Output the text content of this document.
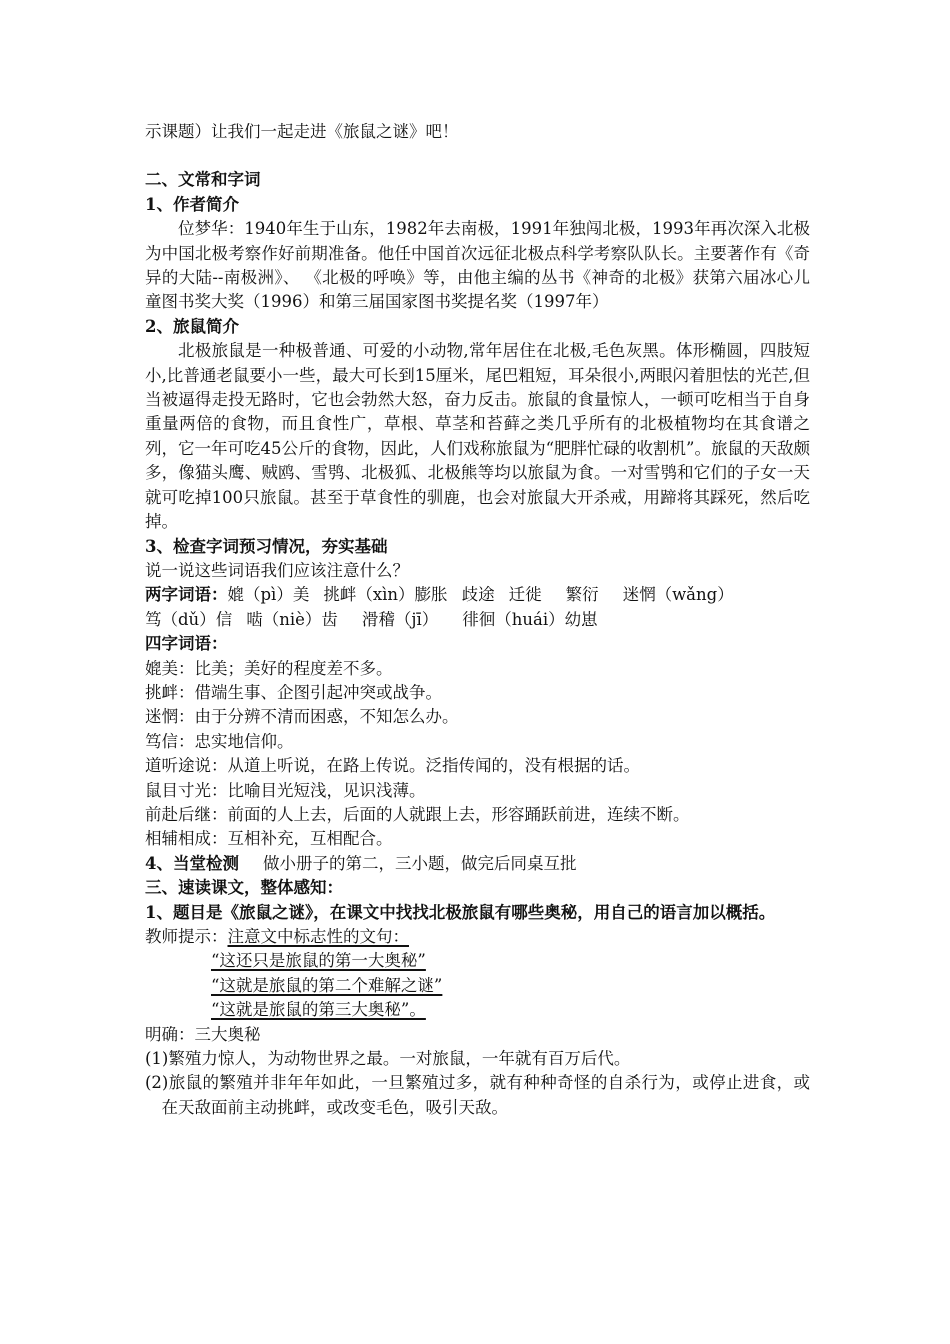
示课题）让我们一起走进《旅鼠之谜》吧！
二、文常和字词
1、作者简介
位梦华：1940年生于山东，1982年去南极，1991年独闯北极，1993年再次深入北极为中国北极考察作好前期准备。他任中国首次远征北极点科学考察队队长。主要著作有《奇异的大陆--南极洲》、 《北极的呼唤》等，由他主编的丛书《神奇的北极》获第六届冰心儿童图书奖大奖（1996）和第三届国家图书奖提名奖（1997年）
2、旅鼠简介
北极旅鼠是一种极普通、可爱的小动物,常年居住在北极,毛色灰黑。体形椭圆，四肢短小,比普通老鼠要小一些，最大可长到15厘米，尾巴粗短，耳朵很小,两眼闪着胆怯的光芒,但当被逼得走投无路时，它也会勃然大怒，奋力反击。旅鼠的食量惊人，一顿可吃相当于自身重量两倍的食物，而且食性广，草根、草茎和苔藓之类几乎所有的北极植物均在其食谱之列，它一年可吃45公斤的食物，因此，人们戏称旅鼠为“肥胖忙碌的收割机”。旅鼠的天敌颇多，像猫头鹰、贼鸥、雪鸮、北极狐、北极熊等均以旅鼠为食。一对雪鸮和它们的子女一天就可吃掉100只旅鼠。甚至于草食性的驯鹿，也会对旅鼠大开杀戒，用蹄将其踩死，然后吃掉。
3、检查字词预习情况，夯实基础
说一说这些词语我们应该注意什么？
两字词语：媲（pì）美 挑衅（xìn）膨胀 歧途 迁徙 繁衍 迷惘（wǎng）
笃（dǔ）信 啮（niè）齿 滑稽（jī） 徘徊（huái）幼崽
四字词语：
媲美：比美；美好的程度差不多。
挑衅：借端生事、企图引起冲突或战争。
迷惘：由于分辨不清而困惑，不知怎么办。
笃信：忠实地信仰。
道听途说：从道上听说，在路上传说。泛指传闻的，没有根据的话。
鼠目寸光：比喻目光短浅，见识浅薄。
前赴后继：前面的人上去，后面的人就跟上去，形容踊跃前进，连续不断。
相辅相成：互相补充，互相配合。
4、当堂检测 做小册子的第二，三小题，做完后同桌互批
三、速读课文，整体感知：
1、题目是《旅鼠之谜》，在课文中找找北极旅鼠有哪些奥秘，用自己的语言加以概括。
教师提示：注意文中标志性的文句：
“这还只是旅鼠的第一大奥秘”
“这就是旅鼠的第二个难解之谜”
“这就是旅鼠的第三大奥秘”。
明确：三大奥秘
(1)繁殖力惊人，为动物世界之最。一对旅鼠，一年就有百万后代。
(2)旅鼠的繁殖并非年年如此，一旦繁殖过多，就有种种奇怪的自杀行为，或停止进食，或在天敌面前主动挑衅，或改变毛色，吸引天敌。
